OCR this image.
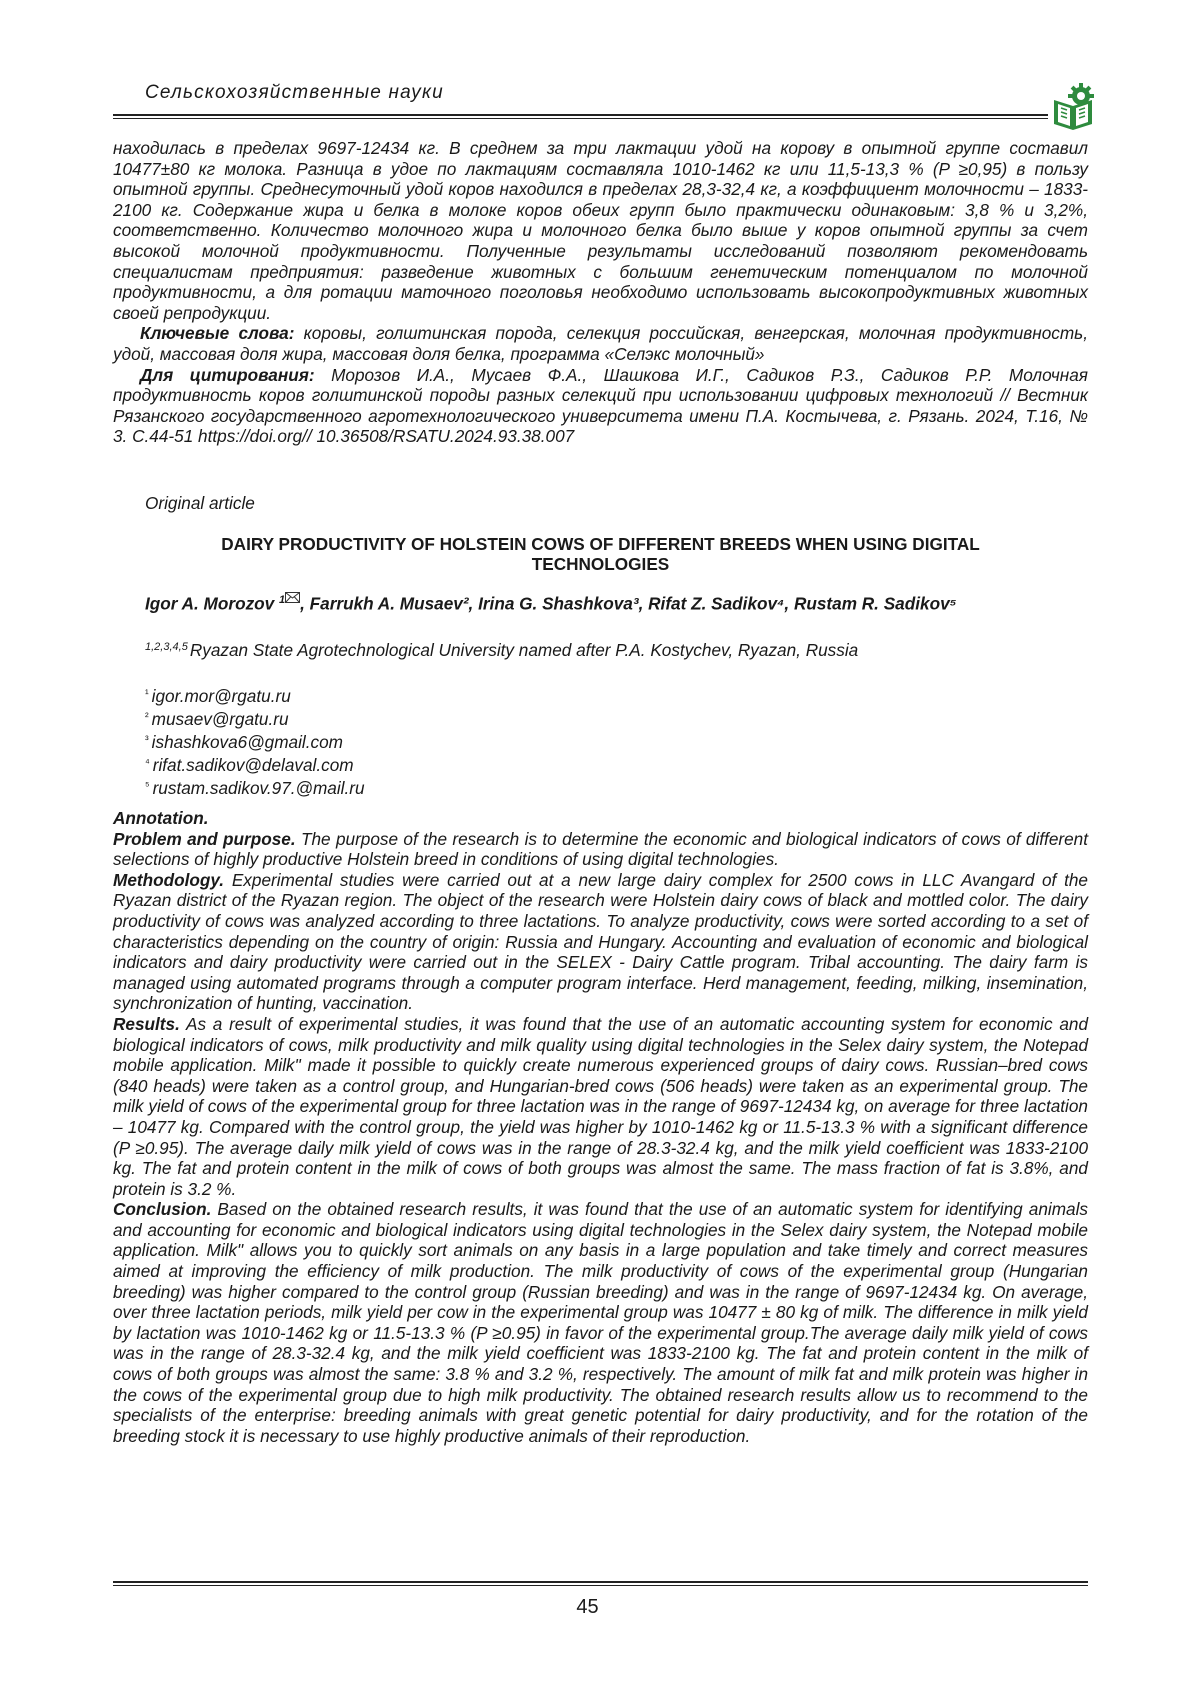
Сельскохозяйственные науки

находилась в пределах 9697-12434 кг. В среднем за три лактации удой на корову в опытной группе составил 10477±80 кг молока. Разница в удое по лактациям составляла 1010-1462 кг или 11,5-13,3 % (P ≥0,95) в пользу опытной группы. Среднесуточный удой коров находился в пределах 28,3-32,4 кг, а коэффициент молочности – 1833-2100 кг. Содержание жира и белка в молоке коров обеих групп было практически одинаковым: 3,8 % и 3,2%, соответственно. Количество молочного жира и молочного белка было выше у коров опытной группы за счет высокой молочной продуктивности. Полученные результаты исследований позволяют рекомендовать специалистам предприятия: разведение животных с большим генетическим потенциалом по молочной продуктивности, а для ротации маточного поголовья необходимо использовать высокопродуктивных животных своей репродукции.

Ключевые слова: коровы, голштинская порода, селекция российская, венгерская, молочная продуктивность, удой, массовая доля жира, массовая доля белка, программа «Селэкс молочный»

Для цитирования: Морозов И.А., Мусаев Ф.А., Шашкова И.Г., Садиков Р.З., Садиков Р.Р. Молочная продуктивность коров голштинской породы разных селекций при использовании цифровых технологий // Вестник Рязанского государственного агротехнологического университета имени П.А. Костычева, г. Рязань. 2024, Т.16, № 3. С.44-51 https://doi.org// 10.36508/RSATU.2024.93.38.007

Original article
DAIRY PRODUCTIVITY OF HOLSTEIN COWS OF DIFFERENT BREEDS WHEN USING DIGITAL TECHNOLOGIES
Igor A. Morozov $^1$ , Farrukh A. Musaev², Irina G. Shashkova³, Rifat Z. Sadikov⁴, Rustam R. Sadikov⁵
$^{1,2,3,4,5}$ Ryazan State Agrotechnological University named after P.A. Kostychev, Ryazan, Russia
$^{^1}$ igor.mor@rgatu.ru
$^{^2}$ musaev@rgatu.ru
$^{^3}$ ishashkova6@gmail.com
$^{^4}$ rifat.sadikov@delaval.com
$^{^5}$ rustam.sadikov.97.@mail.ru

Annotation.

Problem and purpose. The purpose of the research is to determine the economic and biological indicators of cows of different selections of highly productive Holstein breed in conditions of using digital technologies.

Methodology. Experimental studies were carried out at a new large dairy complex for 2500 cows in LLC Avangard of the Ryazan district of the Ryazan region. The object of the research were Holstein dairy cows of black and mottled color. The dairy productivity of cows was analyzed according to three lactations. To analyze productivity, cows were sorted according to a set of characteristics depending on the country of origin: Russia and Hungary. Accounting and evaluation of economic and biological indicators and dairy productivity were carried out in the SELEX - Dairy Cattle program. Tribal accounting. The dairy farm is managed using automated programs through a computer program interface. Herd management, feeding, milking, insemination, synchronization of hunting, vaccination.

Results. As a result of experimental studies, it was found that the use of an automatic accounting system for economic and biological indicators of cows, milk productivity and milk quality using digital technologies in the Selex dairy system, the Notepad mobile application. Milk" made it possible to quickly create numerous experienced groups of dairy cows. Russian–bred cows (840 heads) were taken as a control group, and Hungarian-bred cows (506 heads) were taken as an experimental group. The milk yield of cows of the experimental group for three lactation was in the range of 9697-12434 kg, on average for three lactation – 10477 kg. Compared with the control group, the yield was higher by 1010-1462 kg or 11.5-13.3 % with a significant difference (P ≥0.95). The average daily milk yield of cows was in the range of 28.3-32.4 kg, and the milk yield coefficient was 1833-2100 kg. The fat and protein content in the milk of cows of both groups was almost the same. The mass fraction of fat is 3.8%, and protein is 3.2 %.

Conclusion. Based on the obtained research results, it was found that the use of an automatic system for identifying animals and accounting for economic and biological indicators using digital technologies in the Selex dairy system, the Notepad mobile application. Milk" allows you to quickly sort animals on any basis in a large population and take timely and correct measures aimed at improving the efficiency of milk production. The milk productivity of cows of the experimental group (Hungarian breeding) was higher compared to the control group (Russian breeding) and was in the range of 9697-12434 kg. On average, over three lactation periods, milk yield per cow in the experimental group was 10477 ± 80 kg of milk. The difference in milk yield by lactation was 1010-1462 kg or 11.5-13.3 % (P ≥0.95) in favor of the experimental group.The average daily milk yield of cows was in the range of 28.3-32.4 kg, and the milk yield coefficient was 1833-2100 kg. The fat and protein content in the milk of cows of both groups was almost the same: 3.8 % and 3.2 %, respectively. The amount of milk fat and milk protein was higher in the cows of the experimental group due to high milk productivity. The obtained research results allow us to recommend to the specialists of the enterprise: breeding animals with great genetic potential for dairy productivity, and for the rotation of the breeding stock it is necessary to use highly productive animals of their reproduction.

45
